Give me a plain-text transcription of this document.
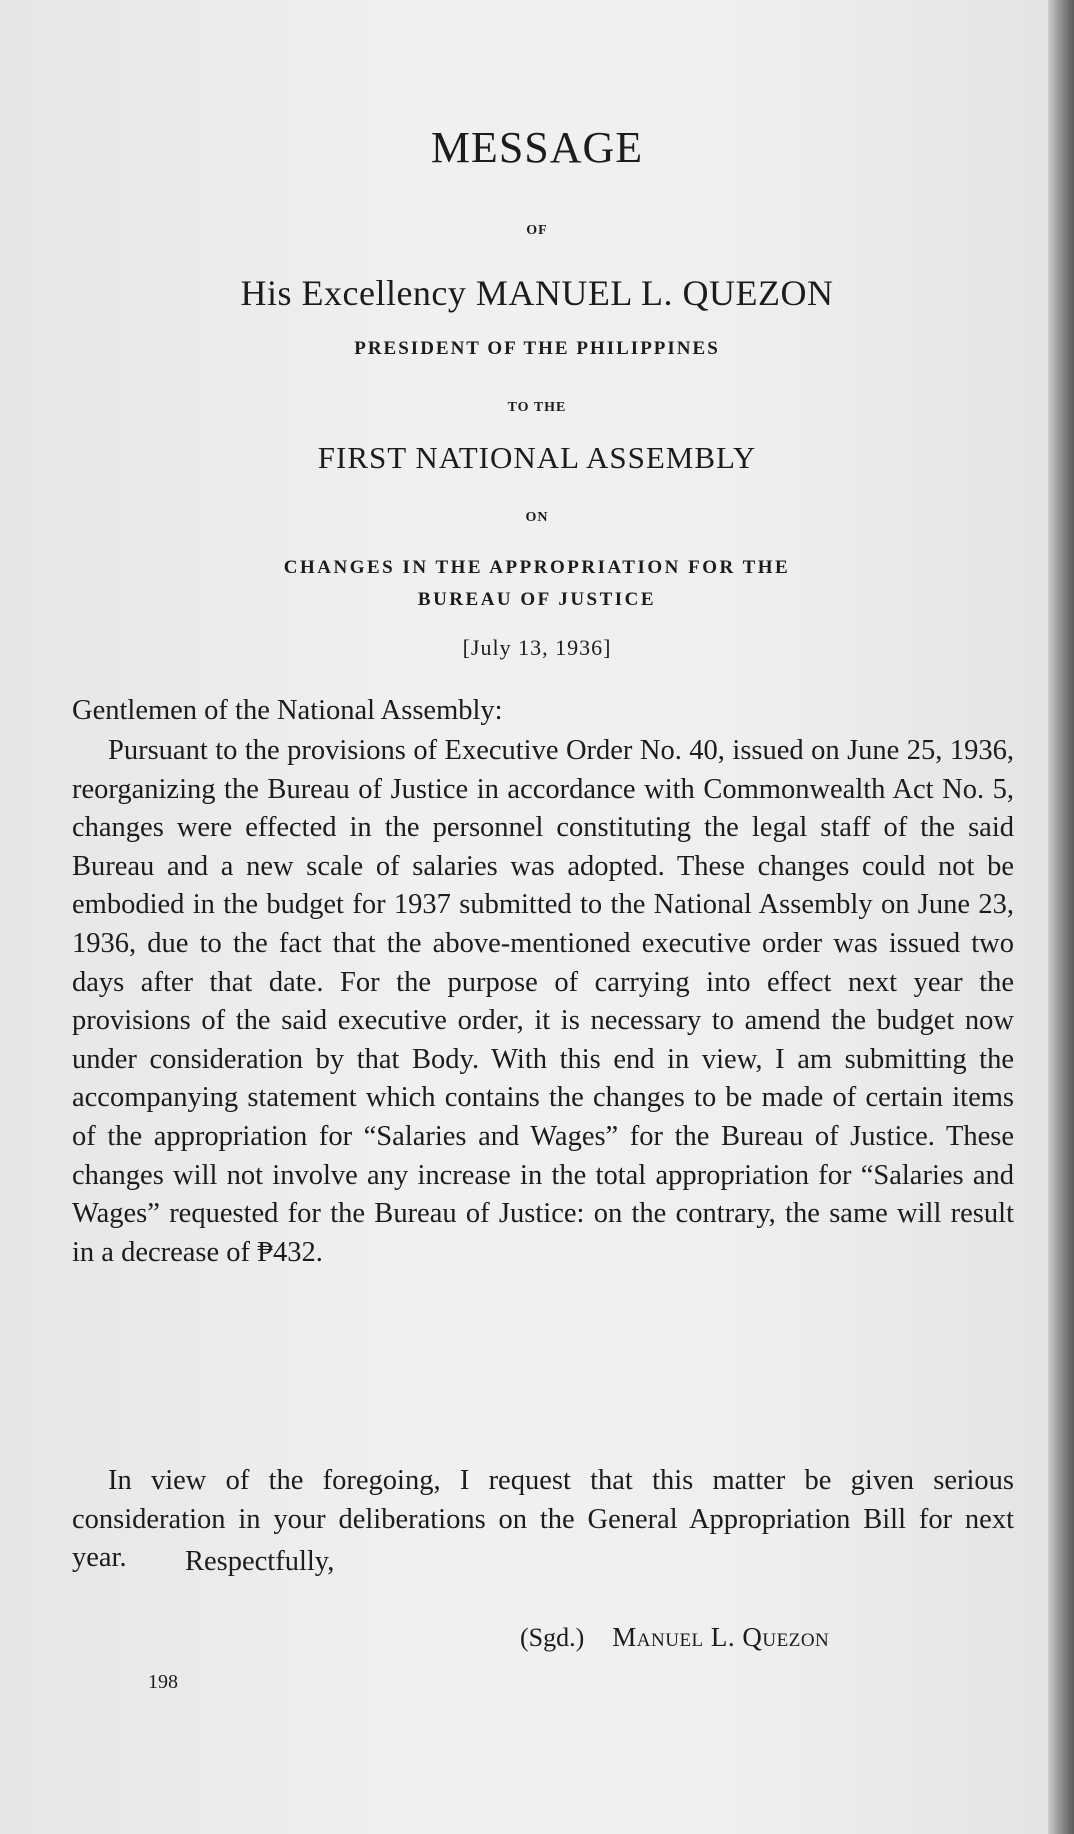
MESSAGE

OF

His Excellency MANUEL L. QUEZON

PRESIDENT OF THE PHILIPPINES

TO THE

FIRST NATIONAL ASSEMBLY

ON

CHANGES IN THE APPROPRIATION FOR THE

BUREAU OF JUSTICE

[July 13, 1936]

Gentlemen of the National Assembly:

Pursuant to the provisions of Executive Order No. 40, issued on June 25, 1936, reorganizing the Bureau of Justice in accordance with Commonwealth Act No. 5, changes were effected in the personnel constituting the legal staff of the said Bureau and a new scale of salaries was adopted. These changes could not be embodied in the budget for 1937 submitted to the National Assembly on June 23, 1936, due to the fact that the above-mentioned executive order was issued two days after that date. For the purpose of carrying into effect next year the provisions of the said executive order, it is necessary to amend the budget now under consideration by that Body. With this end in view, I am submitting the accompanying statement which contains the changes to be made of certain items of the appropriation for “Salaries and Wages” for the Bureau of Justice. These changes will not involve any increase in the total appropriation for “Salaries and Wages” requested for the Bureau of Justice: on the contrary, the same will result in a decrease of ₱432.

In view of the foregoing, I request that this matter be given serious consideration in your deliberations on the General Appropriation Bill for next year.	Respectfully,

(Sgd.) Manuel L. Quezon

198
